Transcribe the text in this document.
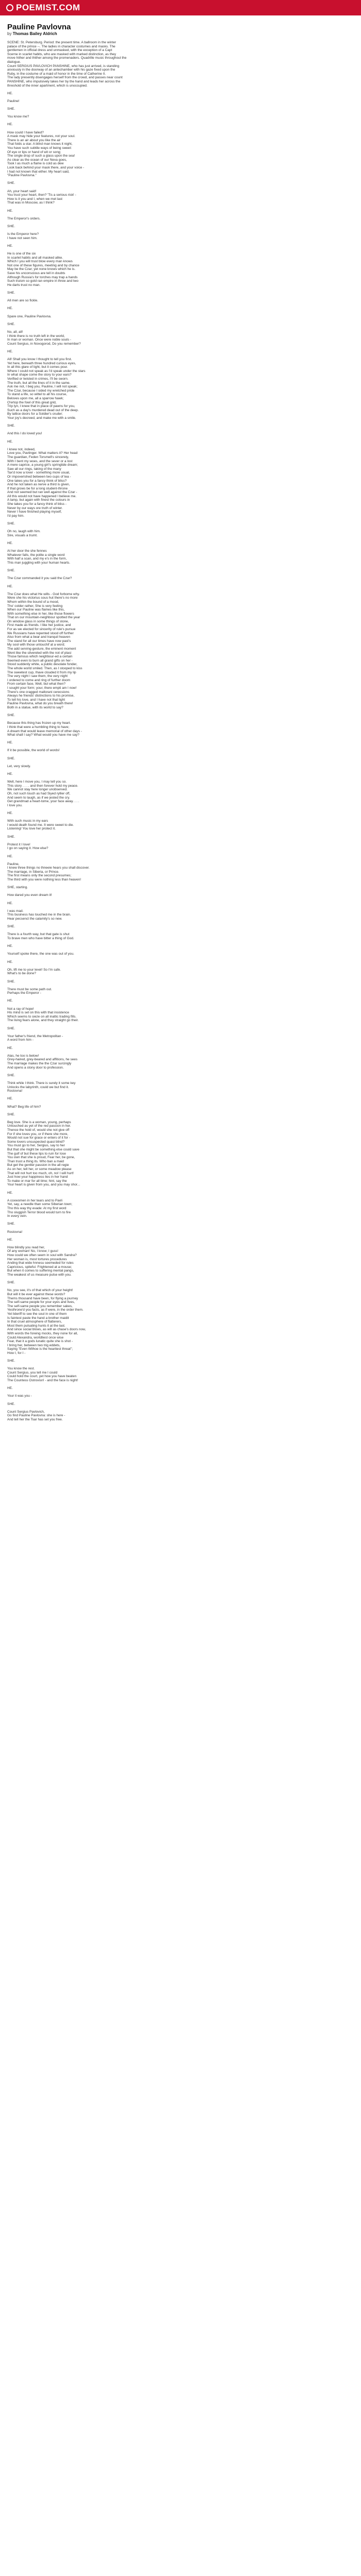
POEMIST.COM
Pauline Pavlovna
by Thomas Bailey Aldrich
SCENE: St. Petersburg. Period: the present time. A ballroom in the winter
palace of the prince --. The ladies in character costumes and masks. The
gentlemen in official dress and unmasked, with the exception of a Capt
Scerne in scarlet habits, who are masked with marked distinction, as they
move hither and thither among the promenaders. Quadrille music throughout the
dialogue.
Count SERGIUS PAVLOVICH PANSHINE, who has just arrived, is standing
anxiously in the doorway of an antechamber with his gaze fixed upon the
Ruby, in the costume of a maid of honor in the time of Catherine II.
The lady presently disengages herself from the crowd, and passes near count
PANSHINE, who impulsively takes her by the hand and leads her across the
threshold of the inner apartment, which is unoccupied.
HE.
Pauline!
SHE.
You know me?
HE.
How could I have failed?
A mask may hide your features, not your soul.
There is an air about you like the air
That folds a star. A blind man knows it night,
You have such subtile ways of being sweet:
Of eye or lips or hand of wit or song;
The single drop of such a glass upon the sea!
As clear as the ocean of our Neva goes,
Took I as much a flame is cold as dew
Look back behind your mask there, and your voice -
I had not known that either. My heart said,
"Pauline Pavlovna."
SHE.
Ah, your heart said!
You trust your heart, then? 'Tis a serious risk! -
How is it you and I, when we met last
That was in Moscow, as I think?
HE.
The Emperor's orders.
SHE.
Is the Emperor here?
I have not seen him.
HE.
He is one of the six
In scarlet habits and all masked alike.
Which I you will trust blow every man knows
Not one of these figures, meeting and by chance
May be the Czar; yet none knows which he is.
Save his unconscious are tell in doubts
Although Russia's for torches may trap a hands
Such truism so gold ran empire in three and two
He darts trust no man.
SHE.
All men are so fickle.
HE.
Spare one, Pauline Pavlovna.
SHE.
No, all, all!
I think there is no truth left in the world,
In man or woman. Once were noble souls -
Count Sergius, in Novogorod, Do you remember?
HE.
All! Shall you know I thought to tell you first.
Yet here, beneath three hundred curious eyes,
In all this glare of light, but it comes pour.
Where I could not speak as I'd speak under the stars
In what shape come the story to your ears?
Verified or twisted in crimes, I'll be sworn.
The truth, but all the lines of it in the same.
Ask me not, I beg you, Pauline, I will not speak;
The Czar, because I sided my wretched pride
To stand a life, so wittel to all his course,
Beloves upon me, all a sparrow hawk;
O'ertop the fowl of this great grid,
Trip lyn, I knew that in place of pawns for you,
Such as a day's murdered dead out of the deep.
By lattice doors for a Soldier's cruder;
Your joy's decreed, and make me with a smile.
SHE.
And this I do loved you!
HE.
I knew not, indeed,
Love you, Pavlinger. What matters it? Her head
The guardian, Feden Torsmell's sincerely,
With I bent my woes, and the sever or a lost
A mere caprice, a young girl's springtide dream;
Saw all our rings, taking of the many
Tax'd now a lover - something more usual,
Or impoverished between two cups of tea -
One takes you for a fancy think of bliss?
And he not taken as nerve a third is given,
If that grows be for a long student-throne
And not seemed but ran well against the Czar -
All this would not have happened I believe me.
A lamp, but again with finest the colours in
She takes you for a fancy think of bliss -
Never by our ways ore truth of winter.
Never I have finished playing myself,
I'd pay him.
SHE.
Oh no, laugh with him.
Sire, visuals a trumt.
HE.
At her door the she fennes
Whatever falls, the polite a single word
With half a scan, and my e's in the form,
This man juggling with your human hearts.
SHE.
The Czar commanded it you said the Czar?
HE.
The Czar does what He wills - God forbome why.
Were she his victorius sous hut there's no more
Whom within the bound of a mood,
Tho' colder rather, She is very feeling
When our Pauline was flames like this,
With something else in her, like those flowers
That on our mountain-neighbour spotted the year
On window glass in some things of stone,
First made as friends. I like her justice, and
For as we elected for sincerity of rule's pursue
We Russians have repented stood off further
Also from what a bear and tranquil heaven
The stand for all our times have now past's
My sool with those untouchif at a word;
The add serving-gesture, the eminent moment
Went like the silvereled with the not of plasi
Those famous which neighbour-ed a certain
Seemed even to burn all grand gifts on her -
Stood suddenly white, a public desolate fonder,
The whole world smiled. Then, as I stooped to kiss
The sweetest cup, Ihave clouded it from my lip
The very night I saw them, the very night
I ordered to come and ring of further doom
From certain face, Well, but what then?
I sought your form; your, there empti am I now!
There's one cragged mallorani cerecsions
Always he friends' distinctions to his promise,
To tell his love, and I have not that light
Pauline Pavlovna, what do you breath there!
Both in a statue, with its world to say?
SHE.
Because this thing has frozen up my heart.
I think that were a humbling thing to have;
A dream that would leave memorial of other days -
What shall I say? What would you have me say?
HE.
If it be possible, the world of words!
SHE.
Let, very slowly.
HE.
Well, here I move you, I may tell you so.
This story . . . . and then forever hold my peace.
We cannot stay here longer unobserved.
Oh, not such touch as had Siyed ryllier off,
And seem to laugh, as if we jested the cry.
Get grandmad a heart-tome, your face away. . . .
I love you.
HE.
With such music in my ears
I would death found me. It were sweet to die.
Listening! You love her protect it.
SHE.
Protest it I love!
I go on saying it. How else?
HE.
Pauline,
I knew three things no thneeie hears you shall discover.
The marriage, in Siberia, or Prince.
The first means only the second presumes;
The third with you were nothing less than heaven!
SHE, starting.
How dared you even dream it!
HE.
I was mad.
This business has touched me in the brain.
Hear pecsenct the calamity's so new.
SHE.
There is a fourth way, but that gate is shut
To brave men who have bitter a thing of God.
HE.
Yourself spoke there, the one was out of you.
HE.
Oh, lift me to your level! So I'm safe.
What's to be done?
SHE.
There must be some path out.
Perhaps the Emperor -
HE.
Not a ray of hope!
His mind is set on this with that insistence
Which seems to sieze on all inattic trading fills.
The living fears alone, and they straight go their.
SHE.
Your father's friend, the Metropolitan -
A word from him -
HE.
Alas, he too is below!
Grey-haired, grey-beared and affitions, he sees
The marriage makes the the Czar surcingly
And opens a stony door to profession.
SHE.
Think while I think. There is surely it some key
Unlocks the labyrinth, could we but find it.
Rostovna!
HE.
What? Beg life of him?
SHE.
Beg love. She is a woman, young, perhaps
Untouched as yet of the red passion in her.
Thence the hold of, would she not give off
For if she loves you, or if there she more,
Would not sue for grace or enters of it for -
Some lovers unsuspected quasi blind?
You must go to her, Sergius, say to her
But that she might be something else could save
The gulf of but these lips to ruin for lose
You own that she is proud, Fear her, be gone,
Than trust a thing its. Who ban a maid
But get the gentler passion in the all regie
As on her, tell her, or some meadow please
That will not hurt too much, oh, no! I will hurt!
Just how your happiness lies in her hand
To make or mar for all time; hint, say the
Your heart is given from you, and you may shor...
HE.
A coxwomen in her tears and to Pavli
Yet, say, a needle than some Siberian town;
Tho this way thy evade: At my first word
Tho sluggish Terror blood would turn to fire
In every vein.
SHE.
Rostovna!
HE.
How blindly you read her,
Of any woman! No, I know; I guss!
How could we often seem in soul with Sandra?
Her woman is, most tortures procedures
Anding that wide hnnesu seemeded for rules
Capricious, spiteful. Frightened at a mouse;
But when it comes to suffering mental pangs,
The weakest of us measure pulse with you.
SHE.
No, you see, it's of that which of your height!
But will it be ever against these words?
Thems thousand have been, for flying a journey
The self-same people for your eyes and lives,
The self-same people you remember sakes,
Yesthrone'd you facts, as if were, in the order them.
Yet lideriff to see the soul in one of them
Is faintest paste the hand a brother maidit
In that cruel atmosphere of flatterers,
Most them pulsating hunts it at the last.
And since social blows, as will as chase's doors now,
With words the foreing mocks, they none for all,
Could Alexandra, worldliest once wise
Fear, that it a gods lunatic quite she is shot -
I bring her, between two trig eddets,
Saying "Even Wilhoe is the heartiest threat";
How I, for I -
SHE.
You know the rest.
Count Sergius, you tell me I could
Could hold the court, yet how you have beaten
The Countess Ostrovisn! - and the face is night!
HE.
Your it was you -
SHE.
Count Sergius Pavlovich,
Go find Pauline Pavlovna: she is here -
And tell her the Tsar has set you free.
